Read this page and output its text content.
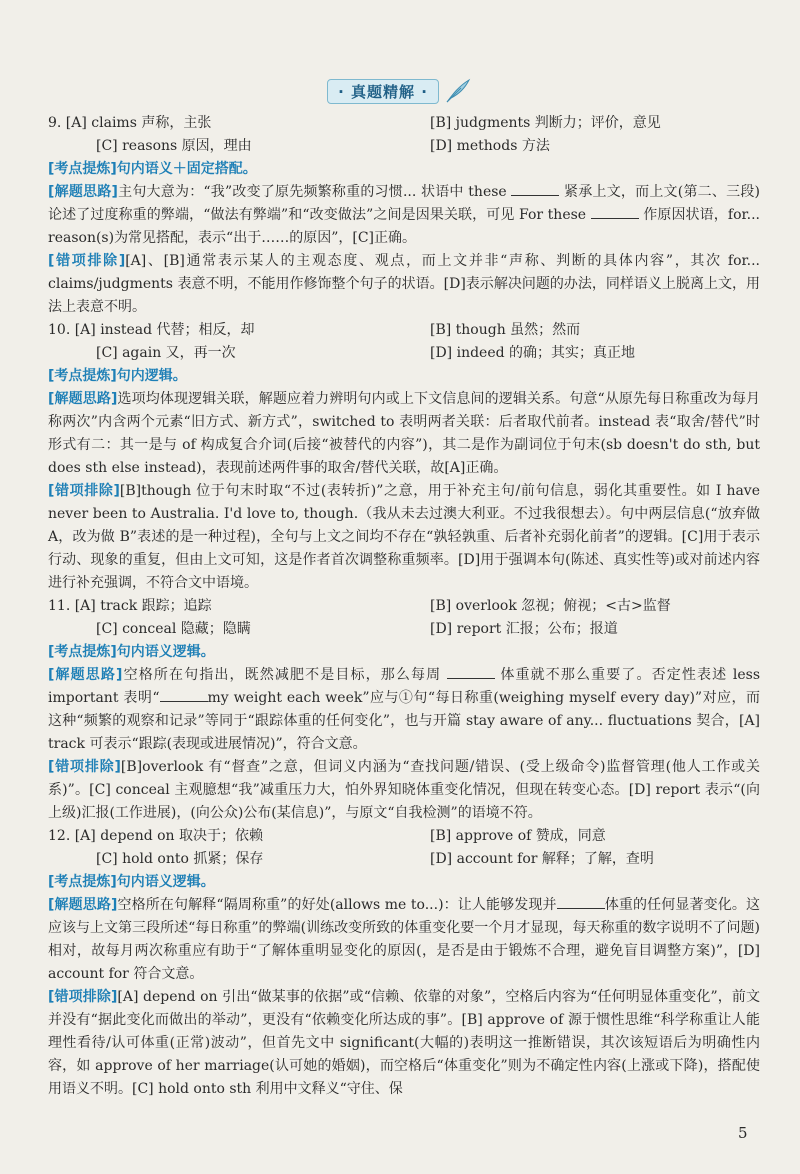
· 真题精解 ·
9. [A] claims 声称，主张	[B] judgments 判断力；评价，意见
[C] reasons 原因，理由	[D] methods 方法

[考点提炼]句内语义＋固定搭配。

[解题思路]主句大意为：“我”改变了原先频繁称重的习惯... 状语中 these	紧承上文，而上文(第二、三段)论述了过度称重的弊端，“做法有弊端”和“改变做法”之间是因果关联，可见 For these	作原因状语，for... reason(s)为常见搭配，表示“出于……的原因”，[C]正确。

[错项排除][A]、[B]通常表示某人的主观态度、观点，而上文并非“声称、判断的具体内容”，其次 for... claims/judgments 表意不明，不能用作修饰整个句子的状语。[D]表示解决问题的办法，同样语义上脱离上文，用法上表意不明。

10. [A] instead 代替；相反，却	[B] though 虽然；然而
[C] again 又，再一次	[D] indeed 的确；其实；真正地

[考点提炼]句内逻辑。

[解题思路]选项均体现逻辑关联，解题应着力辨明句内或上下文信息间的逻辑关系。句意“从原先每日称重改为每月称两次”内含两个元素“旧方式、新方式”，switched to 表明两者关联：后者取代前者。instead 表“取舍/替代”时形式有二：其一是与 of 构成复合介词(后接“被替代的内容”)，其二是作为副词位于句末(sb doesn't do sth, but does sth else instead)，表现前述两件事的取舍/替代关联，故[A]正确。

[错项排除][B]though 位于句末时取“不过(表转折)”之意，用于补充主句/前句信息，弱化其重要性。如 I have never been to Australia. I'd love to, though.（我从未去过澳大利亚。不过我很想去）。句中两层信息(“放弃做 A，改为做 B”表述的是一种过程)，全句与上文之间均不存在“孰轻孰重、后者补充弱化前者”的逻辑。[C]用于表示行动、现象的重复，但由上文可知，这是作者首次调整称重频率。[D]用于强调本句(陈述、真实性等)或对前述内容进行补充强调，不符合文中语境。

11. [A] track 跟踪；追踪	[B] overlook 忽视；俯视；<古>监督
[C] conceal 隐藏；隐瞒	[D] report 汇报；公布；报道

[考点提炼]句内语义逻辑。

[解题思路]空格所在句指出，既然减肥不是目标，那么每周	体重就不那么重要了。否定性表述 less important 表明“	my weight each week”应与①句“每日称重(weighing myself every day)”对应，而这种“频繁的观察和记录”等同于“跟踪体重的任何变化”，也与开篇 stay aware of any... fluctuations 契合，[A] track 可表示“跟踪(表现或进展情况)”，符合文意。

[错项排除][B]overlook 有“督查”之意，但词义内涵为“查找问题/错误、(受上级命令)监督管理(他人工作或关系)”。[C] conceal 主观臆想“我”减重压力大，怕外界知晓体重变化情况，但现在转变心态。[D] report 表示“(向上级)汇报(工作进展)，(向公众)公布(某信息)”，与原文“自我检测”的语境不符。

12. [A] depend on 取决于；依赖	[B] approve of 赞成，同意
[C] hold onto 抓紧；保存	[D] account for 解释；了解，查明

[考点提炼]句内语义逻辑。

[解题思路]空格所在句解释“隔周称重”的好处(allows me to...)：让人能够发现并	体重的任何显著变化。这应该与上文第三段所述“每日称重”的弊端(训练改变所致的体重变化要一个月才显现，每天称重的数字说明不了问题)相对，故每月两次称重应有助于“了解体重明显变化的原因(，是否是由于锻炼不合理，避免盲目调整方案)”，[D] account for 符合文意。

[错项排除][A] depend on 引出“做某事的依据”或“信赖、依靠的对象”，空格后内容为“任何明显体重变化”，前文并没有“据此变化而做出的举动”，更没有“依赖变化所达成的事”。[B] approve of 源于惯性思维“科学称重让人能理性看待/认可体重(正常)波动”，但首先文中 significant(大幅的)表明这一推断错误，其次该短语后为明确性内容，如 approve of her marriage(认可她的婚姻)，而空格后“体重变化”则为不确定性内容(上涨或下降)，搭配使用语义不明。[C] hold onto sth 利用中文释义“守住、保

5
